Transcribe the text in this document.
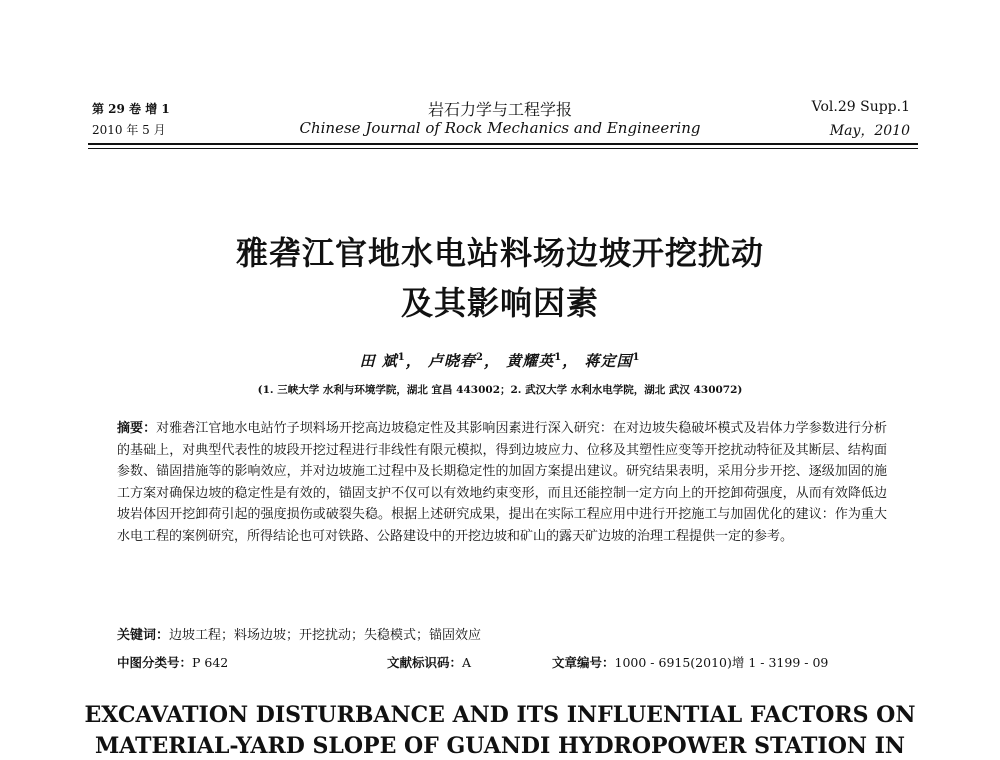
第 29 卷 增 1
2010 年 5 月
岩石力学与工程学报
Chinese Journal of Rock Mechanics and Engineering
Vol.29 Supp.1
May，2010
雅砻江官地水电站料场边坡开挖扰动
及其影响因素
田 斌$^1$， 卢晓春$^2$， 黄耀英$^1$， 蒋定国$^1$
(1. 三峡大学 水利与环境学院，湖北 宜昌 443002；2. 武汉大学 水利水电学院，湖北 武汉 430072)
摘要：对雅砻江官地水电站竹子坝料场开挖高边坡稳定性及其影响因素进行深入研究：在对边坡失稳破坏模式及岩体力学参数进行分析的基础上，对典型代表性的坡段开挖过程进行非线性有限元模拟，得到边坡应力、位移及其塑性应变等开挖扰动特征及其断层、结构面参数、锚固措施等的影响效应，并对边坡施工过程中及长期稳定性的加固方案提出建议。研究结果表明，采用分步开挖、逐级加固的施工方案对确保边坡的稳定性是有效的，锚固支护不仅可以有效地约束变形，而且还能控制一定方向上的开挖卸荷强度，从而有效降低边坡岩体因开挖卸荷引起的强度损伤或破裂失稳。根据上述研究成果，提出在实际工程应用中进行开挖施工与加固优化的建议：作为重大水电工程的案例研究，所得结论也可对铁路、公路建设中的开挖边坡和矿山的露天矿边坡的治理工程提供一定的参考。
关键词：边坡工程；料场边坡；开挖扰动；失稳模式；锚固效应
中图分类号：P 642	文献标识码：A	文章编号：1000 - 6915(2010)增 1 - 3199 - 09
EXCAVATION DISTURBANCE AND ITS INFLUENTIAL FACTORS ON
MATERIAL-YARD SLOPE OF GUANDI HYDROPOWER STATION IN
